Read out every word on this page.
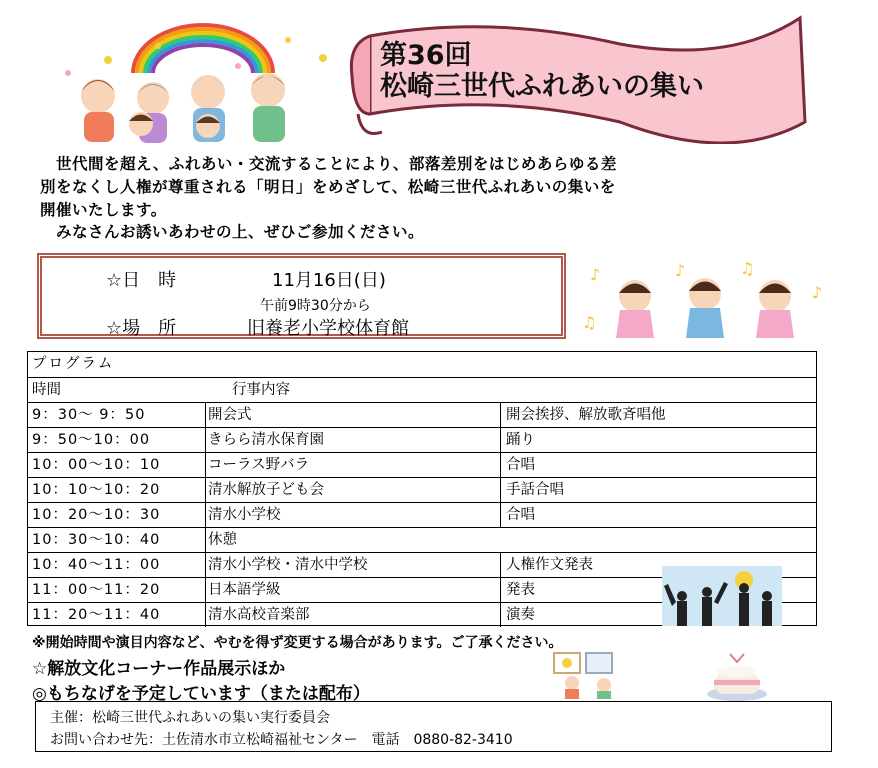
第36回
松崎三世代ふれあいの集い
世代間を超え、ふれあい・交流することにより、部落差別をはじめあらゆる差
別をなくし人権が尊重される「明日」をめざして、松崎三世代ふれあいの集いを
開催いたします。
みなさんお誘いあわせの上、ぜひご参加ください。
☆日　時	11月16日(日)
午前9時30分から
☆場　所	旧養老小学校体育館
♪	♪	♫
♪
♫
プログラム
時間	行事内容
9：30～ 9：50	開会式	開会挨拶、解放歌斉唱他
9：50～10：00	きらら清水保育園	踊り
10：00～10：10	コーラス野バラ	合唱
10：10～10：20	清水解放子ども会	手話合唱
10：20～10：30	清水小学校	合唱
10：30～10：40	休憩
10：40～11：00	清水小学校・清水中学校	人権作文発表
11：00～11：20	日本語学級	発表
11：20～11：40	清水高校音楽部	演奏
※開始時間や演目内容など、やむを得ず変更する場合があります。ご了承ください。
☆解放文化コーナー作品展示ほか
◎もちなげを予定しています（または配布）
主催：松崎三世代ふれあいの集い実行委員会
お問い合わせ先：土佐清水市立松崎福祉センター　電話　0880-82-3410
